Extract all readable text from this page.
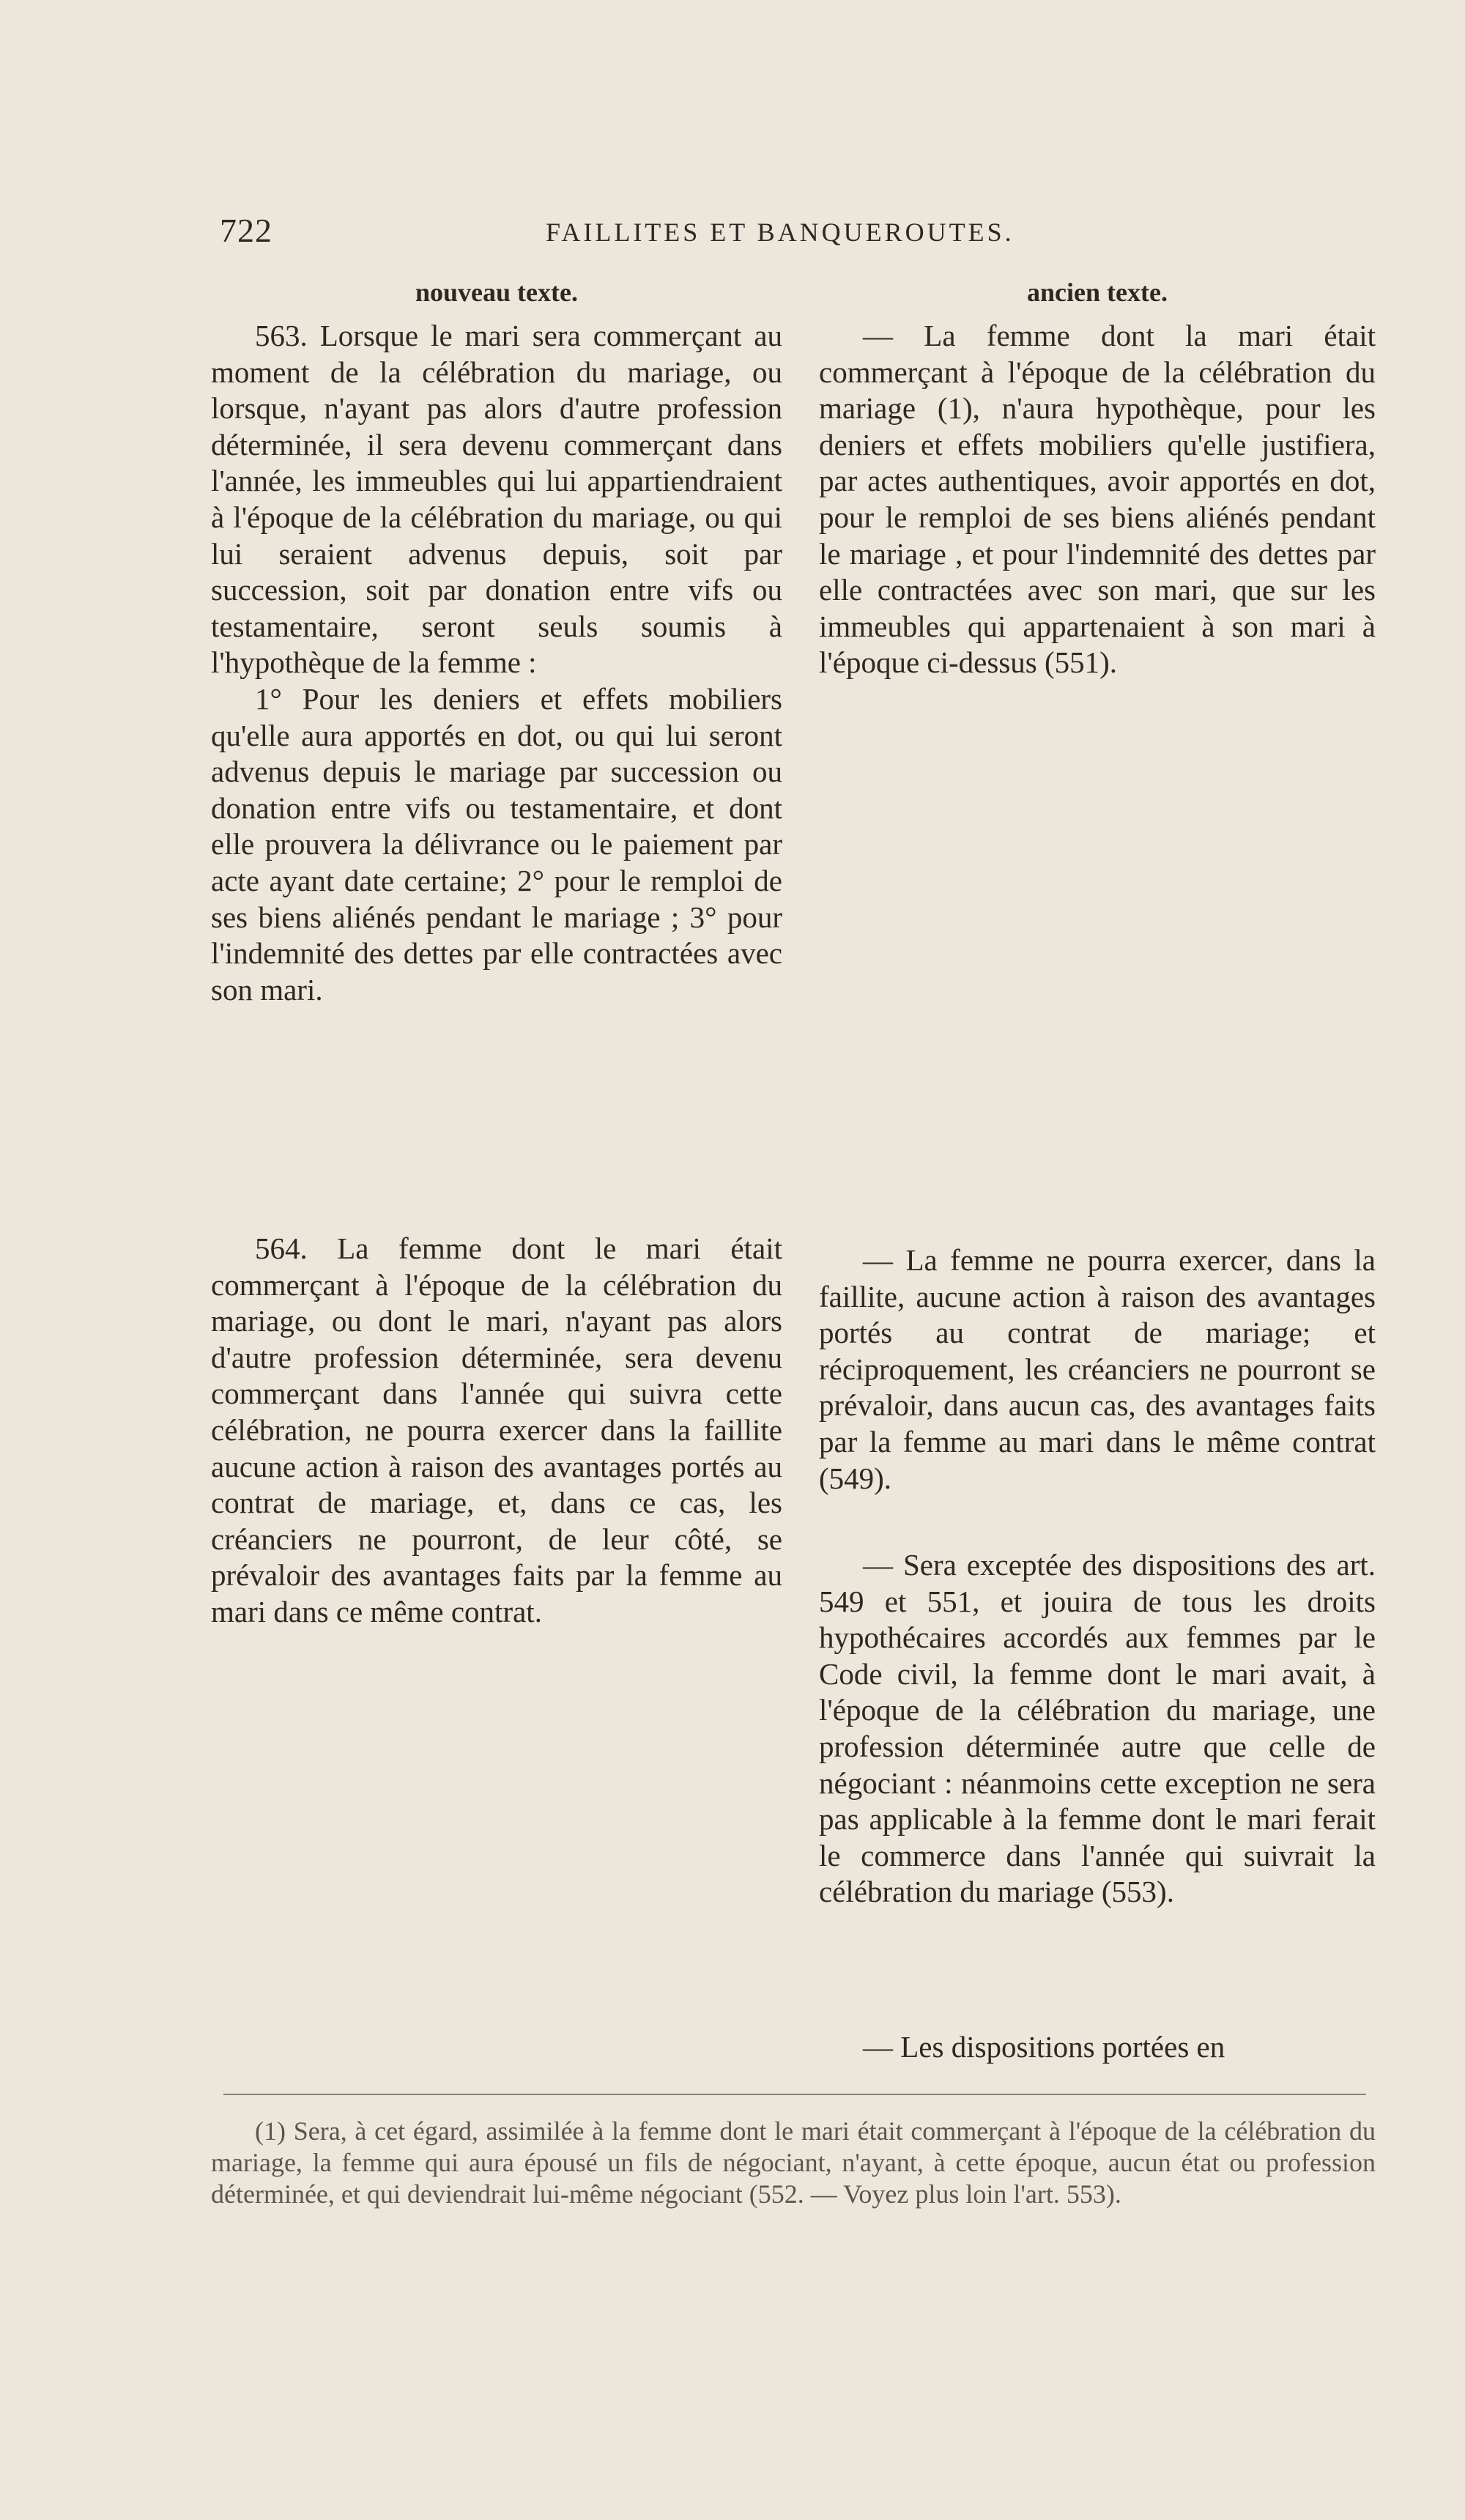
722	FAILLITES ET BANQUEROUTES.
nouveau texte.	ancien texte.

563. Lorsque le mari sera commerçant au moment de la célébration du mariage, ou lorsque, n'ayant pas alors d'autre profession déterminée, il sera devenu commerçant dans l'année, les immeubles qui lui appartiendraient à l'époque de la célébration du mariage, ou qui lui seraient advenus depuis, soit par succession, soit par donation entre vifs ou testamentaire, seront seuls soumis à l'hypothèque de la femme :

1° Pour les deniers et effets mobiliers qu'elle aura apportés en dot, ou qui lui seront advenus depuis le mariage par succession ou donation entre vifs ou testamentaire, et dont elle prouvera la délivrance ou le paiement par acte ayant date certaine; 2° pour le remploi de ses biens aliénés pendant le mariage ; 3° pour l'indemnité des dettes par elle contractées avec son mari.

564. La femme dont le mari était commerçant à l'époque de la célébration du mariage, ou dont le mari, n'ayant pas alors d'autre profession déterminée, sera devenu commerçant dans l'année qui suivra cette célébration, ne pourra exercer dans la faillite aucune action à raison des avantages portés au contrat de mariage, et, dans ce cas, les créanciers ne pourront, de leur côté, se prévaloir des avantages faits par la femme au mari dans ce même contrat.

— La femme dont la mari était commerçant à l'époque de la célébration du mariage (1), n'aura hypothèque, pour les deniers et effets mobiliers qu'elle justifiera, par actes authentiques, avoir apportés en dot, pour le remploi de ses biens aliénés pendant le mariage , et pour l'indemnité des dettes par elle contractées avec son mari, que sur les immeubles qui appartenaient à son mari à l'époque ci-dessus (551).

— La femme ne pourra exercer, dans la faillite, aucune action à raison des avantages portés au contrat de mariage; et réciproquement, les créanciers ne pourront se prévaloir, dans aucun cas, des avantages faits par la femme au mari dans le même contrat (549).

— Sera exceptée des dispositions des art. 549 et 551, et jouira de tous les droits hypothécaires accordés aux femmes par le Code civil, la femme dont le mari avait, à l'époque de la célébration du mariage, une profession déterminée autre que celle de négociant : néanmoins cette exception ne sera pas applicable à la femme dont le mari ferait le commerce dans l'année qui suivrait la célébration du mariage (553).

— Les dispositions portées en

(1) Sera, à cet égard, assimilée à la femme dont le mari était commerçant à l'époque de la célébration du mariage, la femme qui aura épousé un fils de négociant, n'ayant, à cette époque, aucun état ou profession déterminée, et qui deviendrait lui-même négociant (552. — Voyez plus loin l'art. 553).
